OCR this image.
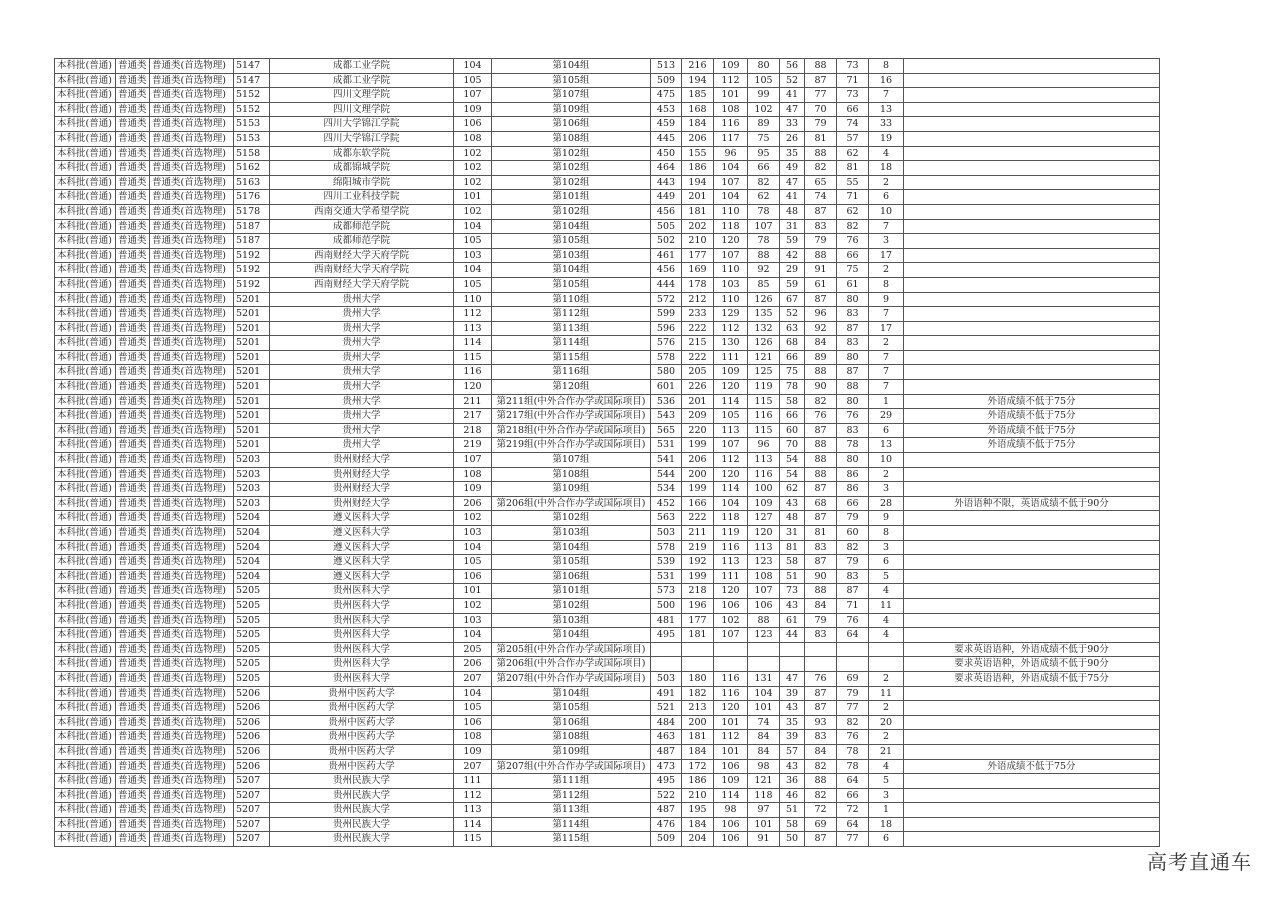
本科批(普通)	普通类	普通类(首选物理)	5147	成都工业学院	104	第104组	513	216	109	80	56	88	73	8	
本科批(普通)	普通类	普通类(首选物理)	5147	成都工业学院	105	第105组	509	194	112	105	52	87	71	16	
本科批(普通)	普通类	普通类(首选物理)	5152	四川文理学院	107	第107组	475	185	101	99	41	77	73	7	
本科批(普通)	普通类	普通类(首选物理)	5152	四川文理学院	109	第109组	453	168	108	102	47	70	66	13	
本科批(普通)	普通类	普通类(首选物理)	5153	四川大学锦江学院	106	第106组	459	184	116	89	33	79	74	33	
本科批(普通)	普通类	普通类(首选物理)	5153	四川大学锦江学院	108	第108组	445	206	117	75	26	81	57	19	
本科批(普通)	普通类	普通类(首选物理)	5158	成都东软学院	102	第102组	450	155	96	95	35	88	62	4	
本科批(普通)	普通类	普通类(首选物理)	5162	成都锦城学院	102	第102组	464	186	104	66	49	82	81	18	
本科批(普通)	普通类	普通类(首选物理)	5163	绵阳城市学院	102	第102组	443	194	107	82	47	65	55	2	
本科批(普通)	普通类	普通类(首选物理)	5176	四川工业科技学院	101	第101组	449	201	104	62	41	74	71	6	
本科批(普通)	普通类	普通类(首选物理)	5178	西南交通大学希望学院	102	第102组	456	181	110	78	48	87	62	10	
本科批(普通)	普通类	普通类(首选物理)	5187	成都师范学院	104	第104组	505	202	118	107	31	83	82	7	
本科批(普通)	普通类	普通类(首选物理)	5187	成都师范学院	105	第105组	502	210	120	78	59	79	76	3	
本科批(普通)	普通类	普通类(首选物理)	5192	西南财经大学天府学院	103	第103组	461	177	107	88	42	88	66	17	
本科批(普通)	普通类	普通类(首选物理)	5192	西南财经大学天府学院	104	第104组	456	169	110	92	29	91	75	2	
本科批(普通)	普通类	普通类(首选物理)	5192	西南财经大学天府学院	105	第105组	444	178	103	85	59	61	61	8	
本科批(普通)	普通类	普通类(首选物理)	5201	贵州大学	110	第110组	572	212	110	126	67	87	80	9	
本科批(普通)	普通类	普通类(首选物理)	5201	贵州大学	112	第112组	599	233	129	135	52	96	83	7	
本科批(普通)	普通类	普通类(首选物理)	5201	贵州大学	113	第113组	596	222	112	132	63	92	87	17	
本科批(普通)	普通类	普通类(首选物理)	5201	贵州大学	114	第114组	576	215	130	126	68	84	83	2	
本科批(普通)	普通类	普通类(首选物理)	5201	贵州大学	115	第115组	578	222	111	121	66	89	80	7	
本科批(普通)	普通类	普通类(首选物理)	5201	贵州大学	116	第116组	580	205	109	125	75	88	87	7	
本科批(普通)	普通类	普通类(首选物理)	5201	贵州大学	120	第120组	601	226	120	119	78	90	88	7	
本科批(普通)	普通类	普通类(首选物理)	5201	贵州大学	211	第211组(中外合作办学或国际项目)	536	201	114	115	58	82	80	1	外语成绩不低于75分
本科批(普通)	普通类	普通类(首选物理)	5201	贵州大学	217	第217组(中外合作办学或国际项目)	543	209	105	116	66	76	76	29	外语成绩不低于75分
本科批(普通)	普通类	普通类(首选物理)	5201	贵州大学	218	第218组(中外合作办学或国际项目)	565	220	113	115	60	87	83	6	外语成绩不低于75分
本科批(普通)	普通类	普通类(首选物理)	5201	贵州大学	219	第219组(中外合作办学或国际项目)	531	199	107	96	70	88	78	13	外语成绩不低于75分
本科批(普通)	普通类	普通类(首选物理)	5203	贵州财经大学	107	第107组	541	206	112	113	54	88	80	10	
本科批(普通)	普通类	普通类(首选物理)	5203	贵州财经大学	108	第108组	544	200	120	116	54	88	86	2	
本科批(普通)	普通类	普通类(首选物理)	5203	贵州财经大学	109	第109组	534	199	114	100	62	87	86	3	
本科批(普通)	普通类	普通类(首选物理)	5203	贵州财经大学	206	第206组(中外合作办学或国际项目)	452	166	104	109	43	68	66	28	外语语种不限，英语成绩不低于90分
本科批(普通)	普通类	普通类(首选物理)	5204	遵义医科大学	102	第102组	563	222	118	127	48	87	79	9	
本科批(普通)	普通类	普通类(首选物理)	5204	遵义医科大学	103	第103组	503	211	119	120	31	81	60	8	
本科批(普通)	普通类	普通类(首选物理)	5204	遵义医科大学	104	第104组	578	219	116	113	81	83	82	3	
本科批(普通)	普通类	普通类(首选物理)	5204	遵义医科大学	105	第105组	539	192	113	123	58	87	79	6	
本科批(普通)	普通类	普通类(首选物理)	5204	遵义医科大学	106	第106组	531	199	111	108	51	90	83	5	
本科批(普通)	普通类	普通类(首选物理)	5205	贵州医科大学	101	第101组	573	218	120	107	73	88	87	4	
本科批(普通)	普通类	普通类(首选物理)	5205	贵州医科大学	102	第102组	500	196	106	106	43	84	71	11	
本科批(普通)	普通类	普通类(首选物理)	5205	贵州医科大学	103	第103组	481	177	102	88	61	79	76	4	
本科批(普通)	普通类	普通类(首选物理)	5205	贵州医科大学	104	第104组	495	181	107	123	44	83	64	4	
本科批(普通)	普通类	普通类(首选物理)	5205	贵州医科大学	205	第205组(中外合作办学或国际项目)									要求英语语种，外语成绩不低于90分
本科批(普通)	普通类	普通类(首选物理)	5205	贵州医科大学	206	第206组(中外合作办学或国际项目)									要求英语语种，外语成绩不低于90分
本科批(普通)	普通类	普通类(首选物理)	5205	贵州医科大学	207	第207组(中外合作办学或国际项目)	503	180	116	131	47	76	69	2	要求英语语种，外语成绩不低于75分
本科批(普通)	普通类	普通类(首选物理)	5206	贵州中医药大学	104	第104组	491	182	116	104	39	87	79	11	
本科批(普通)	普通类	普通类(首选物理)	5206	贵州中医药大学	105	第105组	521	213	120	101	43	87	77	2	
本科批(普通)	普通类	普通类(首选物理)	5206	贵州中医药大学	106	第106组	484	200	101	74	35	93	82	20	
本科批(普通)	普通类	普通类(首选物理)	5206	贵州中医药大学	108	第108组	463	181	112	84	39	83	76	2	
本科批(普通)	普通类	普通类(首选物理)	5206	贵州中医药大学	109	第109组	487	184	101	84	57	84	78	21	
本科批(普通)	普通类	普通类(首选物理)	5206	贵州中医药大学	207	第207组(中外合作办学或国际项目)	473	172	106	98	43	82	78	4	外语成绩不低于75分
本科批(普通)	普通类	普通类(首选物理)	5207	贵州民族大学	111	第111组	495	186	109	121	36	88	64	5	
本科批(普通)	普通类	普通类(首选物理)	5207	贵州民族大学	112	第112组	522	210	114	118	46	82	66	3	
本科批(普通)	普通类	普通类(首选物理)	5207	贵州民族大学	113	第113组	487	195	98	97	51	72	72	1	
本科批(普通)	普通类	普通类(首选物理)	5207	贵州民族大学	114	第114组	476	184	106	101	58	69	64	18	
本科批(普通)	普通类	普通类(首选物理)	5207	贵州民族大学	115	第115组	509	204	106	91	50	87	77	6	
高考直通车
